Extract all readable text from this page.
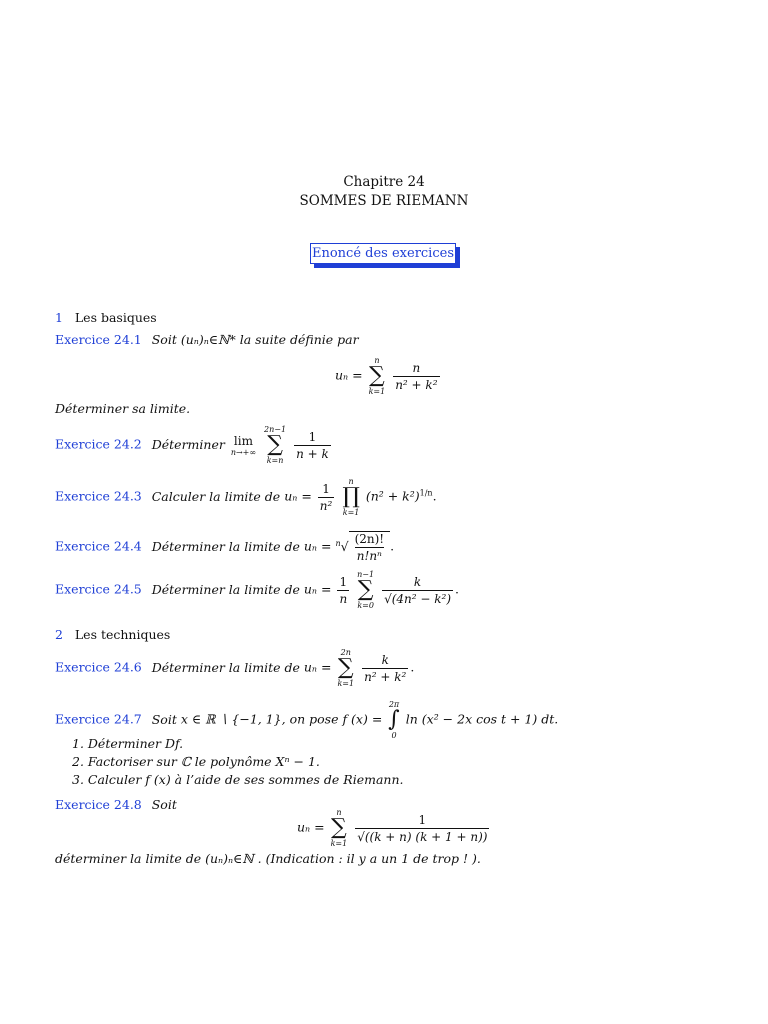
Chapitre 24
SOMMES DE RIEMANN
Enoncé des exercices
1 Les basiques
Exercice 24.1 Soit (uₙ)ₙ∈ℕ* la suite définie par
uₙ =
n
∑
k=1
$\frac{n}{\text{n² + k²}}$
Déterminer sa limite.
Exercice 24.2 Déterminer lim
n→+∞

2n−1
∑
k=n
$\frac{1}{n + k}$
Exercice 24.3 Calculer la limite de $u_n = \frac{1}{\text{n²}}$
n
∏
k=1
$(n^2 + k^2)^{1/n}$.
Exercice 24.4 Déterminer la limite de $u_n = ^n√ \frac{(2n)!}{\text{n!nⁿ}}$ .
Exercice 24.5 Déterminer la limite de $u_n = \frac{1}{n}$
n−1
∑
k=0
$\frac{k}{\text{√(4n² − k²)}}$ .
2 Les techniques
Exercice 24.6 Déterminer la limite de uₙ =
2n
∑
k=1
$\frac{k}{\text{n² + k²}}$ .
Exercice 24.7 Soit x ∈ ℝ ∖ {−1, 1}, on pose f (x) =
2π
∫
0
ln (x² − 2x cos t + 1) dt.
1. Déterminer Df.
2. Factoriser sur ℂ le polynôme Xⁿ − 1.
3. Calculer f (x) à l’aide de ses sommes de Riemann.
Exercice 24.8 Soit
uₙ =
n
∑
k=1
$\frac{1}{√((k + n) (k + 1 + n))}$
déterminer la limite de (uₙ)ₙ∈ℕ . (Indication : il y a un 1 de trop ! ).
